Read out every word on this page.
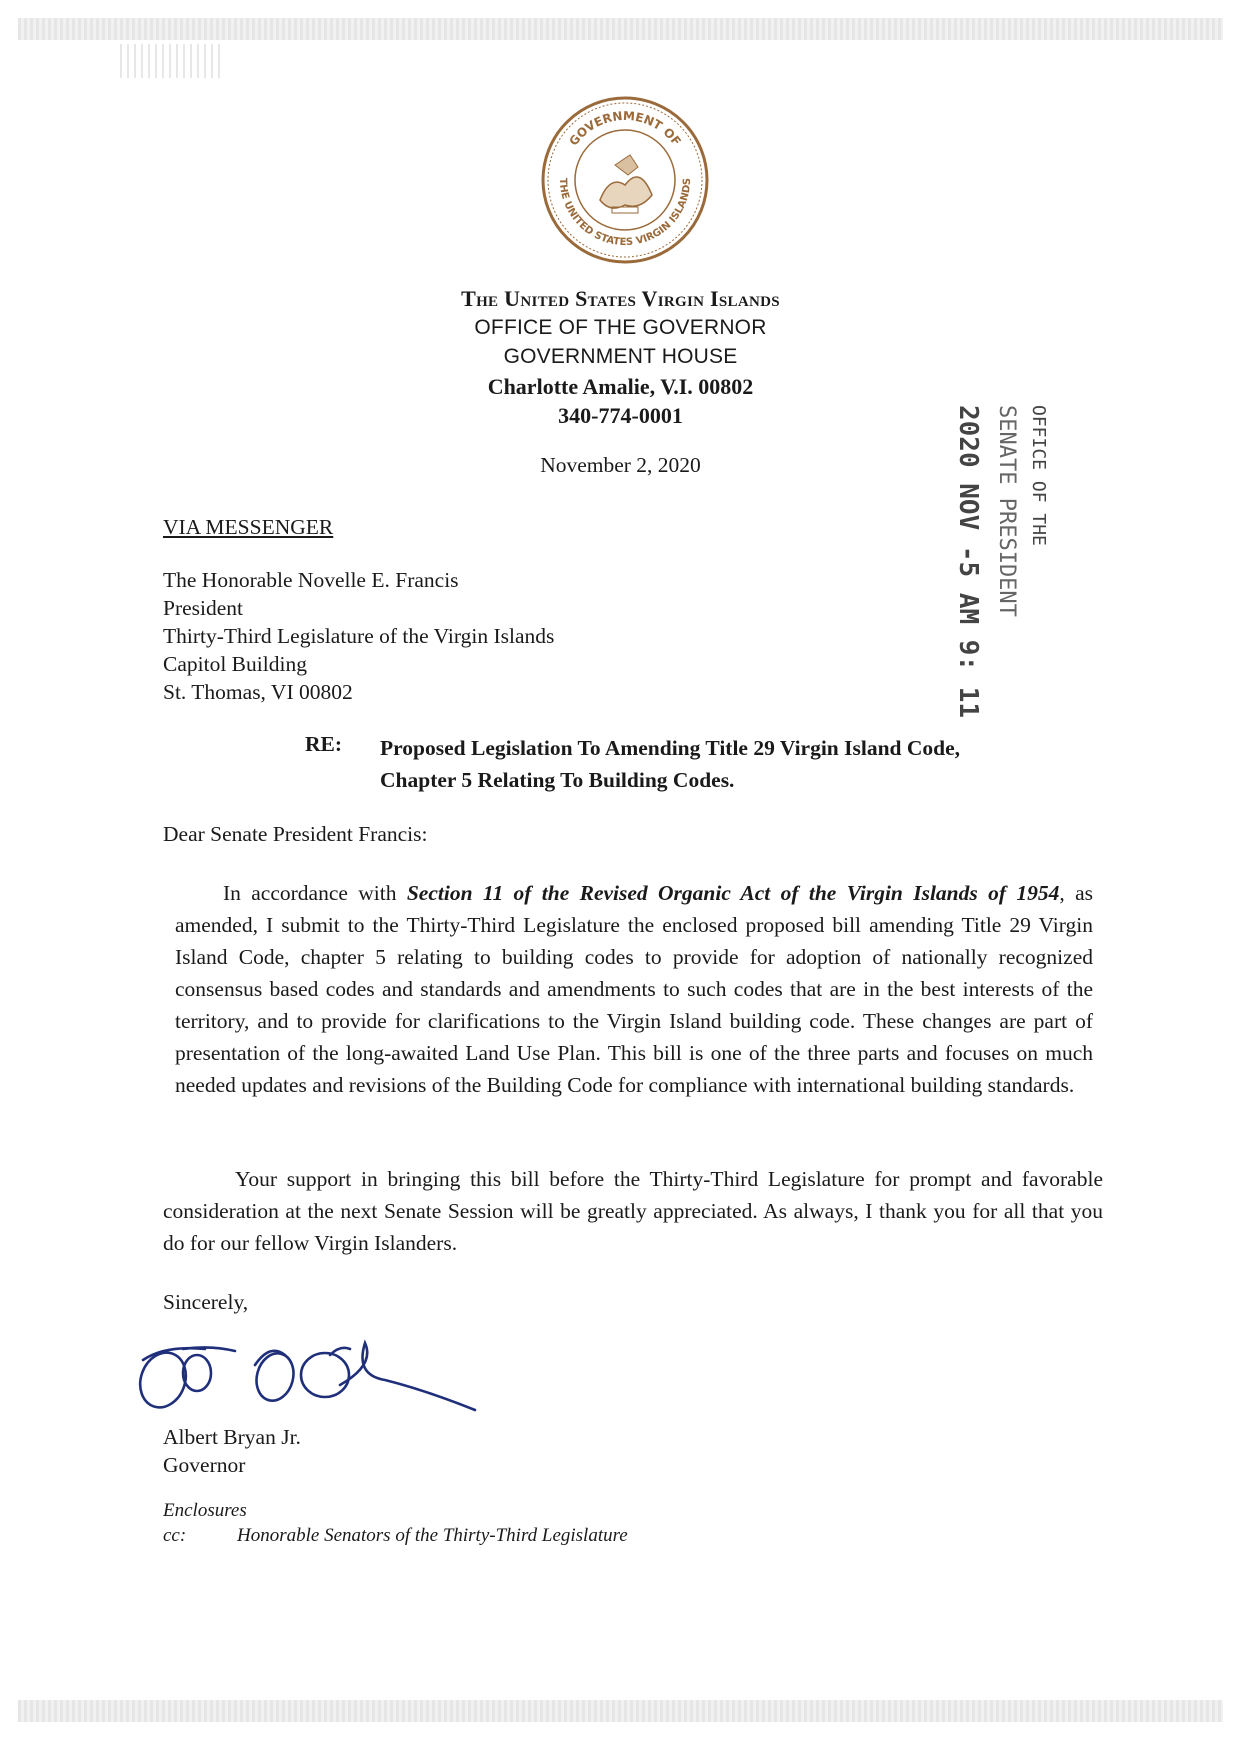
GOVERNMENT OF
THE UNITED STATES VIRGIN ISLANDS
The United States Virgin Islands
OFFICE OF THE GOVERNOR
GOVERNMENT HOUSE
Charlotte Amalie, V.I. 00802
340-774-0001
November 2, 2020	OFFICE OF THE
SENATE PRESIDENT
2020 NOV -5 AM 9: 11
VIA MESSENGER
The Honorable Novelle E. Francis
President
Thirty-Third Legislature of the Virgin Islands
Capitol Building
St. Thomas, VI 00802
RE: Proposed Legislation To Amending Title 29 Virgin Island Code,
Chapter 5 Relating To Building Codes.
Dear Senate President Francis:
In accordance with Section 11 of the Revised Organic Act of the Virgin Islands of 1954, as amended, I submit to the Thirty-Third Legislature the enclosed proposed bill amending Title 29 Virgin Island Code, chapter 5 relating to building codes to provide for adoption of nationally recognized consensus based codes and standards and amendments to such codes that are in the best interests of the territory, and to provide for clarifications to the Virgin Island building code. These changes are part of presentation of the long-awaited Land Use Plan. This bill is one of the three parts and focuses on much needed updates and revisions of the Building Code for compliance with international building standards.
Your support in bringing this bill before the Thirty-Third Legislature for prompt and favorable consideration at the next Senate Session will be greatly appreciated. As always, I thank you for all that you do for our fellow Virgin Islanders.
Sincerely,
Albert Bryan Jr.
Governor
Enclosures
cc:	Honorable Senators of the Thirty-Third Legislature
